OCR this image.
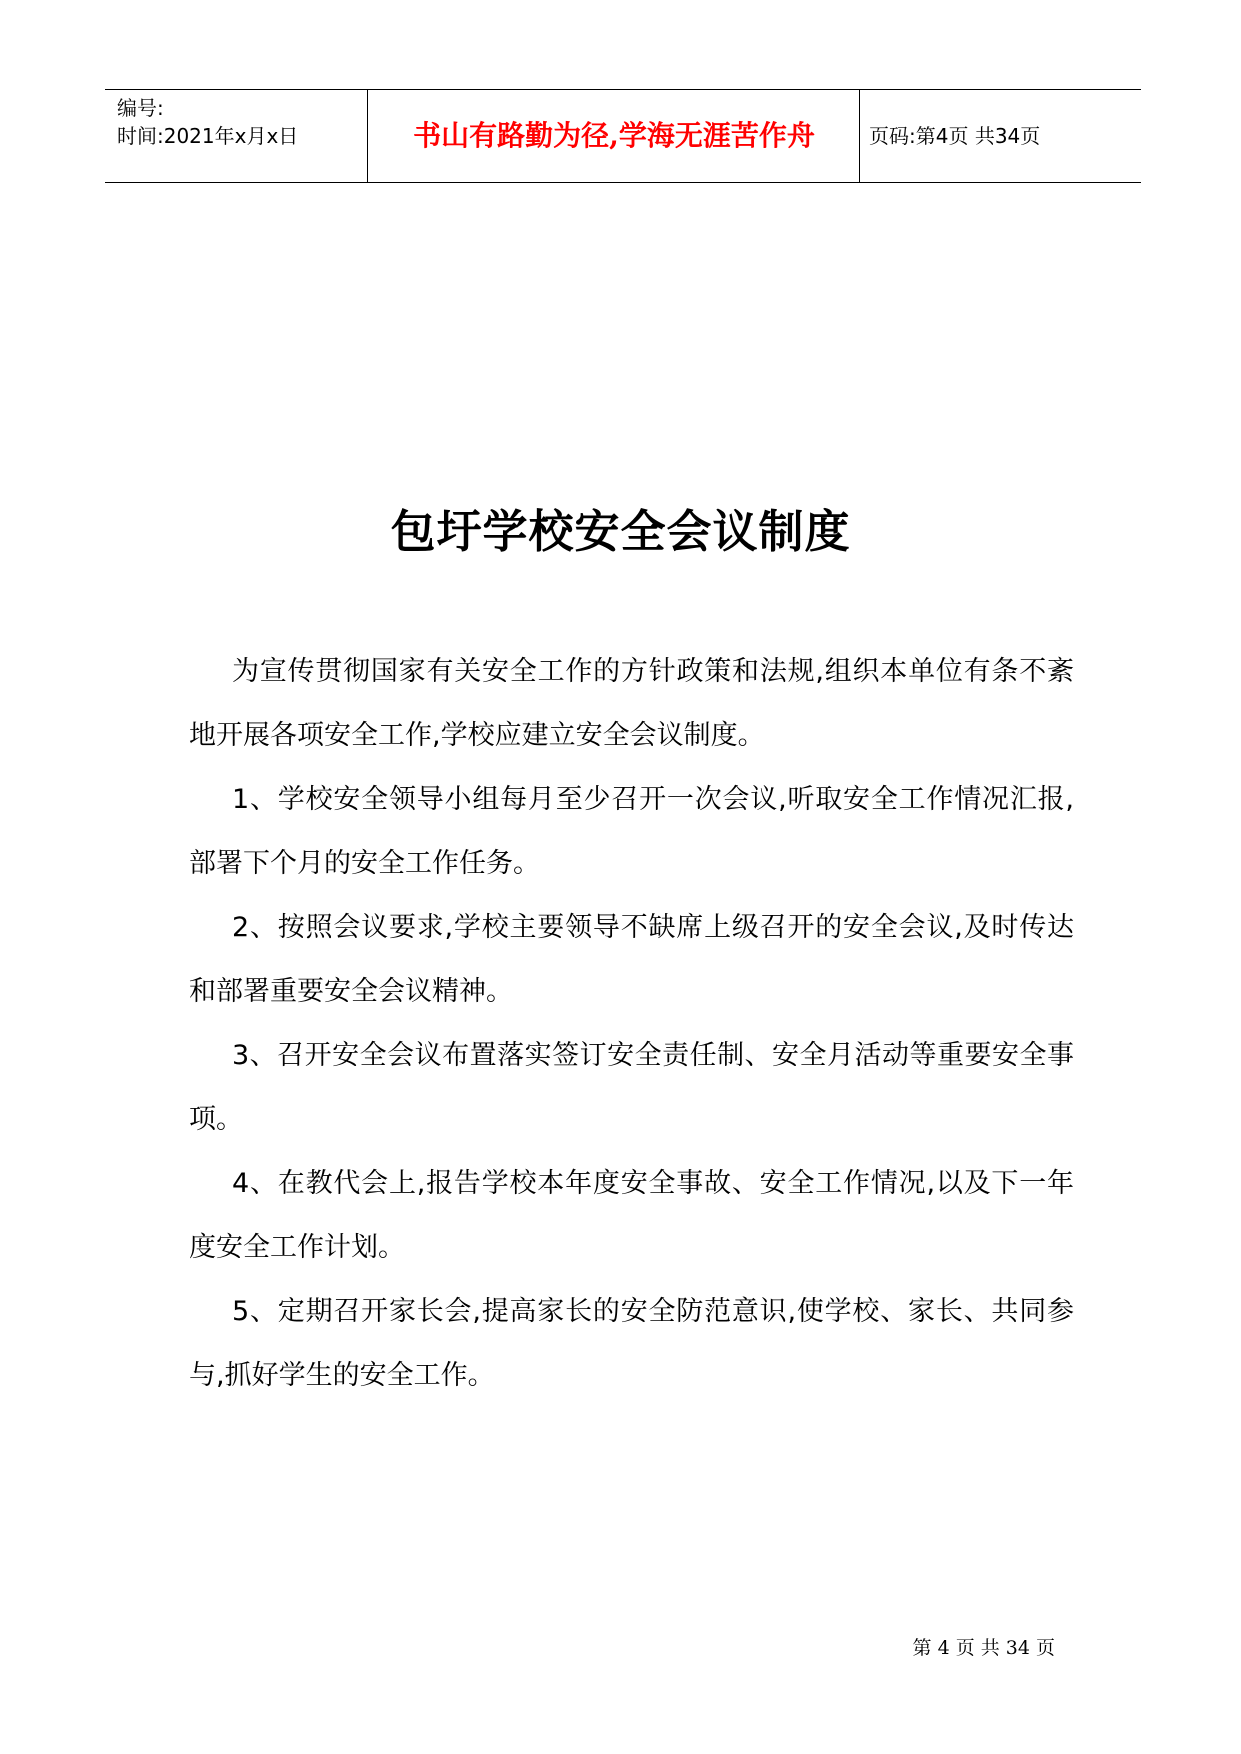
编号:
时间:2021年x月x日	书山有路勤为径,学海无涯苦作舟	页码:第4页 共34页
包圩学校安全会议制度

为宣传贯彻国家有关安全工作的方针政策和法规,组织本单位有条不紊地开展各项安全工作,学校应建立安全会议制度。

1、学校安全领导小组每月至少召开一次会议,听取安全工作情况汇报,部署下个月的安全工作任务。

2、按照会议要求,学校主要领导不缺席上级召开的安全会议,及时传达和部署重要安全会议精神。

3、召开安全会议布置落实签订安全责任制、安全月活动等重要安全事项。

4、在教代会上,报告学校本年度安全事故、安全工作情况,以及下一年度安全工作计划。

5、定期召开家长会,提高家长的安全防范意识,使学校、家长、共同参与,抓好学生的安全工作。

第 4 页 共 34 页
